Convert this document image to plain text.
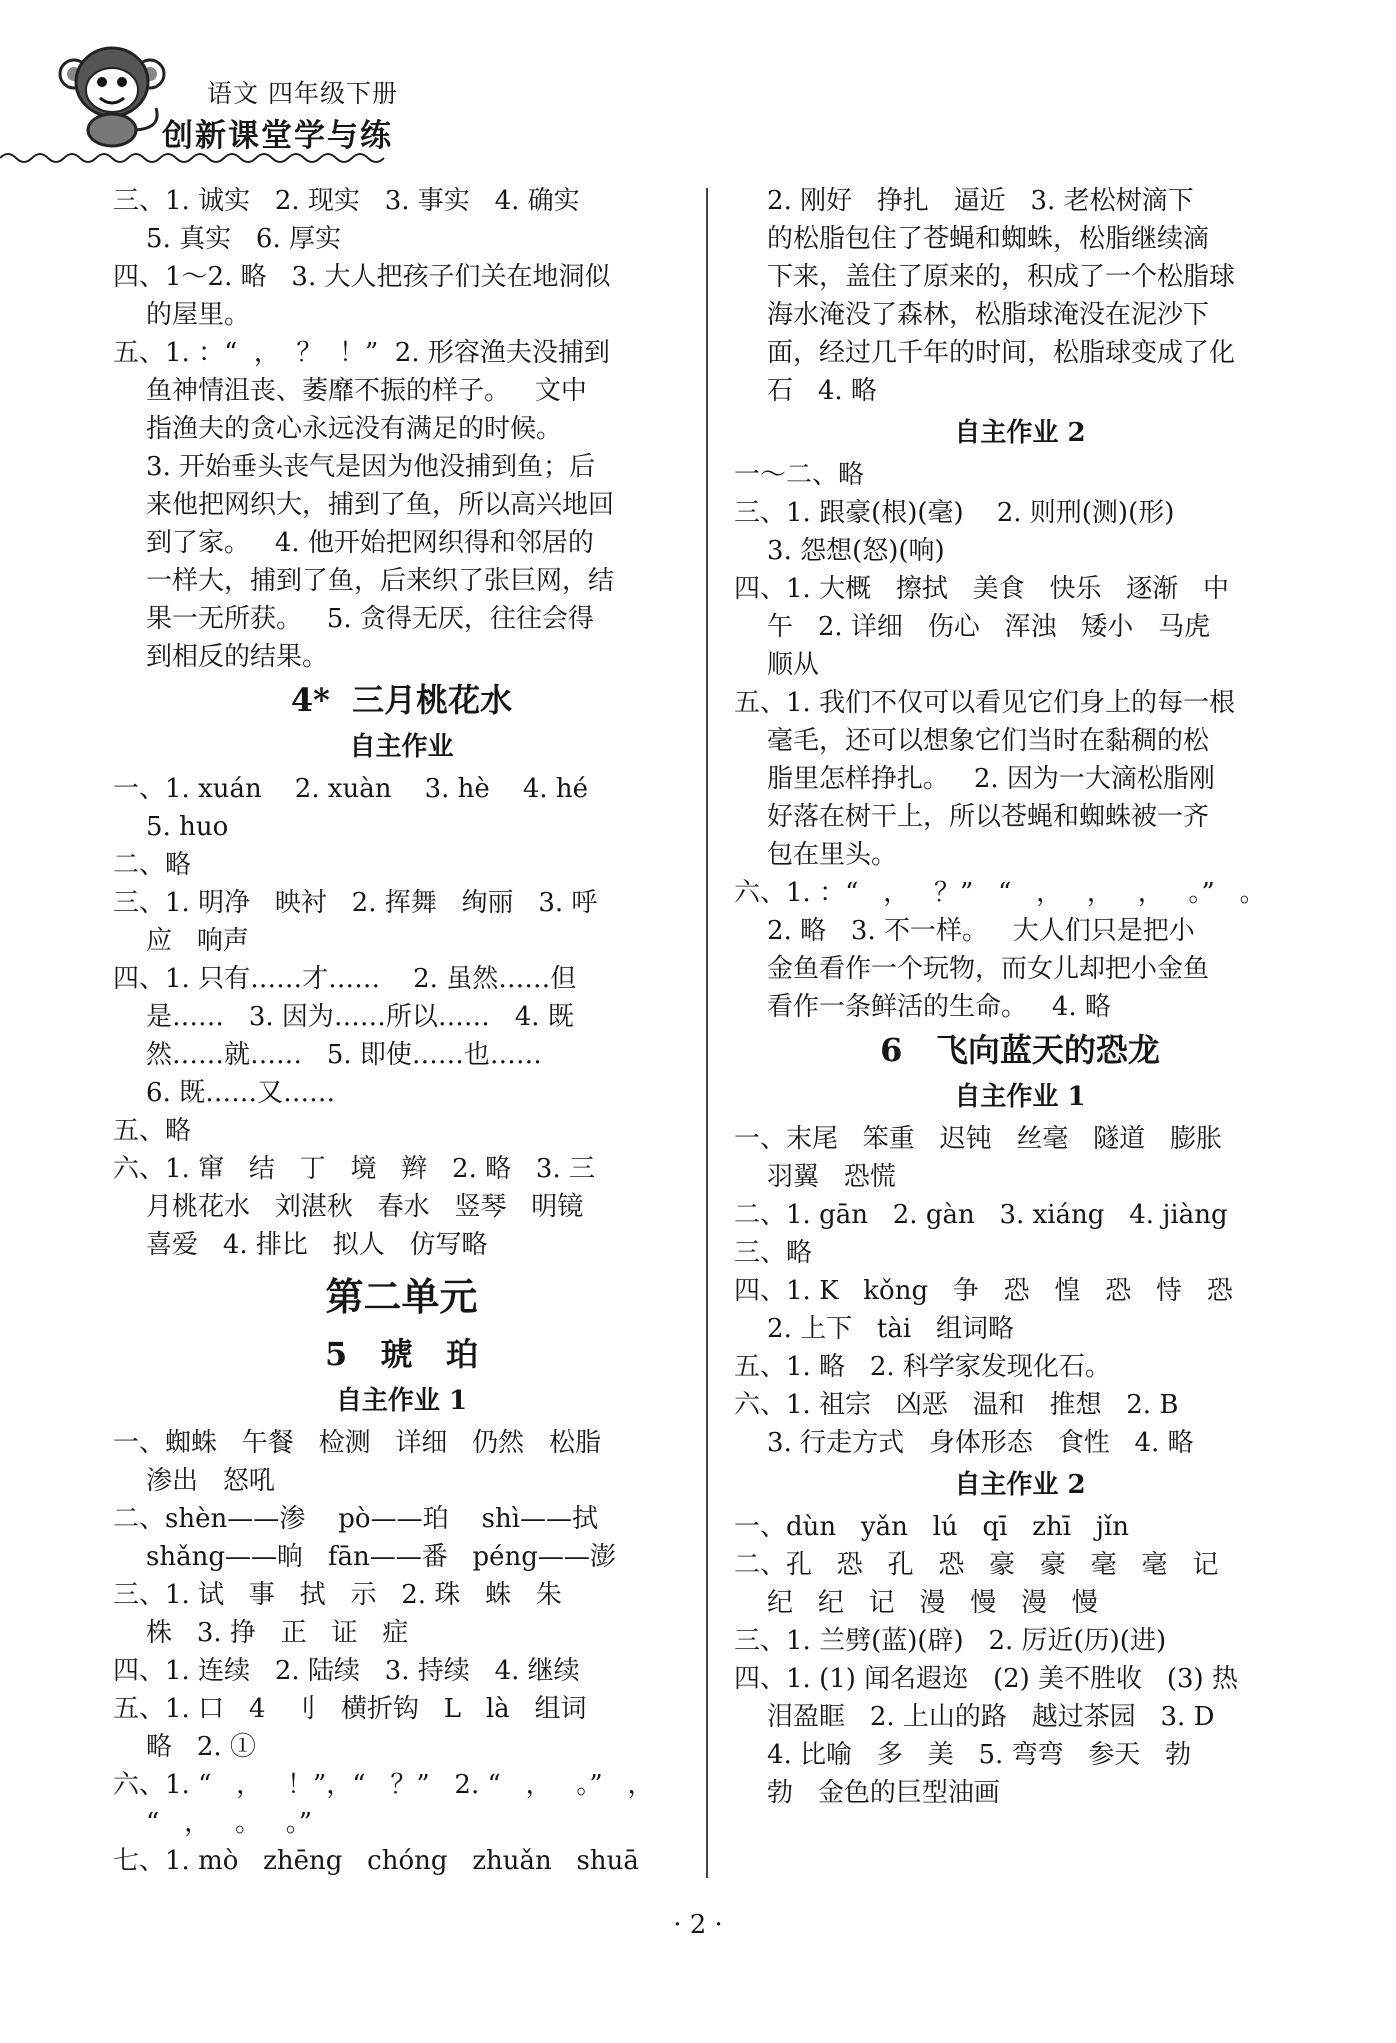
语文 四年级下册
创新课堂学与练
三、1. 诚实   2. 现实   3. 事实   4. 确实
5. 真实   6. 厚实
四、1～2. 略   3. 大人把孩子们关在地洞似
的屋里。
五、1. ：“  ，  ？  ！”  2. 形容渔夫没捕到
鱼神情沮丧、萎靡不振的样子。   文中
指渔夫的贪心永远没有满足的时候。
3. 开始垂头丧气是因为他没捕到鱼；后
来他把网织大，捕到了鱼，所以高兴地回
到了家。   4. 他开始把网织得和邻居的
一样大，捕到了鱼，后来织了张巨网，结
果一无所获。   5. 贪得无厌，往往会得
到相反的结果。
4*  三月桃花水
自主作业
一、1. xuán    2. xuàn    3. hè    4. hé
5. huo
二、略
三、1. 明净   映衬   2. 挥舞   绚丽   3. 呼
应   响声
四、1. 只有……才……    2. 虽然……但
是……   3. 因为……所以……   4. 既
然……就……   5. 即使……也……
6. 既……又……
五、略
六、1. 窜   结   丁   境   辫   2. 略   3. 三
月桃花水   刘湛秋   春水   竖琴   明镜
喜爱   4. 排比   拟人   仿写略
第二单元
5   琥   珀
自主作业 1
一、蜘蛛   午餐   检测   详细   仍然   松脂
渗出   怒吼
二、shèn——渗    pò——珀    shì——拭
shǎng——晌   fān——番   péng——澎
三、1. 试   事   拭   示   2. 珠   蛛   朱
株   3. 挣   正   证   症
四、1. 连续   2. 陆续   3. 持续   4. 继续
五、1. 口   4   刂   横折钩   L   là   组词
略   2. ①
六、1. “   ，   ！”，“   ？”   2. “   ，   。”   ，
“   ，   。   。”
七、1. mò   zhēng   chóng   zhuǎn   shuā
2. 刚好   挣扎   逼近   3. 老松树滴下
的松脂包住了苍蝇和蜘蛛，松脂继续滴
下来，盖住了原来的，积成了一个松脂球
海水淹没了森林，松脂球淹没在泥沙下
面，经过几千年的时间，松脂球变成了化
石   4. 略
自主作业 2
一～二、略
三、1. 跟豪(根)(毫)    2. 则刑(测)(形)
3. 怨想(怒)(响)
四、1. 大概   擦拭   美食   快乐   逐渐   中
午   2. 详细   伤心   浑浊   矮小   马虎
顺从
五、1. 我们不仅可以看见它们身上的每一根
毫毛，还可以想象它们当时在黏稠的松
脂里怎样挣扎。   2. 因为一大滴松脂刚
好落在树干上，所以苍蝇和蜘蛛被一齐
包在里头。
六、1. ：“   ，   ？”   “   ，   ，   ，   。”   。
2. 略   3. 不一样。   大人们只是把小
金鱼看作一个玩物，而女儿却把小金鱼
看作一条鲜活的生命。   4. 略
6   飞向蓝天的恐龙
自主作业 1
一、末尾   笨重   迟钝   丝毫   隧道   膨胀
羽翼   恐慌
二、1. gān   2. gàn   3. xiáng   4. jiàng
三、略
四、1. K   kǒng   争   恐   惶   恐   恃   恐
2. 上下   tài   组词略
五、1. 略   2. 科学家发现化石。
六、1. 祖宗   凶恶   温和   推想   2. B
3. 行走方式   身体形态   食性   4. 略
自主作业 2
一、dùn   yǎn   lú   qī   zhī   jǐn
二、孔   恐   孔   恐   豪   豪   毫   毫   记
纪   纪   记   漫   慢   漫   慢
三、1. 兰劈(蓝)(辟)   2. 厉近(历)(进)
四、1. (1) 闻名遐迩   (2) 美不胜收   (3) 热
泪盈眶   2. 上山的路   越过茶园   3. D
4. 比喻   多   美   5. 弯弯   参天   勃
勃   金色的巨型油画
· 2 ·
